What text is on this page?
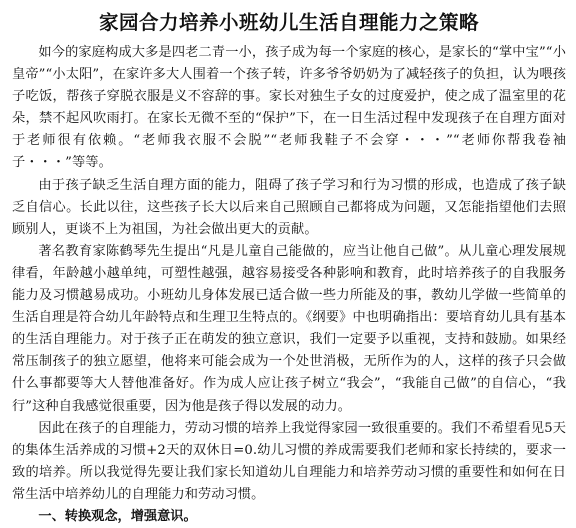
家园合力培养小班幼儿生活自理能力之策略

如今的家庭构成大多是四老二青一小，孩子成为每一个家庭的核心，是家长的“掌中宝”“小皇帝”“小太阳”，在家许多大人围着一个孩子转，许多爷爷奶奶为了减轻孩子的负担，认为喂孩子吃饭，帮孩子穿脱衣服是义不容辞的事。家长对独生子女的过度爱护，使之成了温室里的花朵，禁不起风吹雨打。在家长无微不至的“保护”下，在一日生活过程中发现孩子在自理方面对于老师很有依赖。“老师我衣服不会脱”“老师我鞋子不会穿・・・”“老师你帮我卷袖子・・・”等等。

由于孩子缺乏生活自理方面的能力，阻碍了孩子学习和行为习惯的形成，也造成了孩子缺乏自信心。长此以往，这些孩子长大以后来自己照顾自己都将成为问题，又怎能指望他们去照顾别人，更谈不上为祖国，为社会做出更大的贡献。

著名教育家陈鹤琴先生提出“凡是儿童自己能做的，应当让他自己做”。从儿童心理发展规律看，年龄越小越单纯，可塑性越强，越容易接受各种影响和教育，此时培养孩子的自我服务能力及习惯越易成功。小班幼儿身体发展已适合做一些力所能及的事，教幼儿学做一些简单的生活自理是符合幼儿年龄特点和生理卫生特点的。《纲要》中也明确指出：要培育幼儿具有基本的生活自理能力。对于孩子正在萌发的独立意识，我们一定要予以重视，支持和鼓励。如果经常压制孩子的独立愿望，他将来可能会成为一个处世消极，无所作为的人，这样的孩子只会做什么事都要等大人替他准备好。作为成人应让孩子树立“我会”，“我能自己做”的自信心，“我行”这种自我感觉很重要，因为他是孩子得以发展的动力。

因此在孩子的自理能力，劳动习惯的培养上我觉得家园一致很重要的。我们不希望看见5天的集体生活养成的习惯+2天的双休日=0.幼儿习惯的养成需要我们老师和家长持续的，要求一致的培养。所以我觉得先要让我们家长知道幼儿自理能力和培养劳动习惯的重要性和如何在日常生活中培养幼儿的自理能力和劳动习惯。

一、转换观念，增强意识。
